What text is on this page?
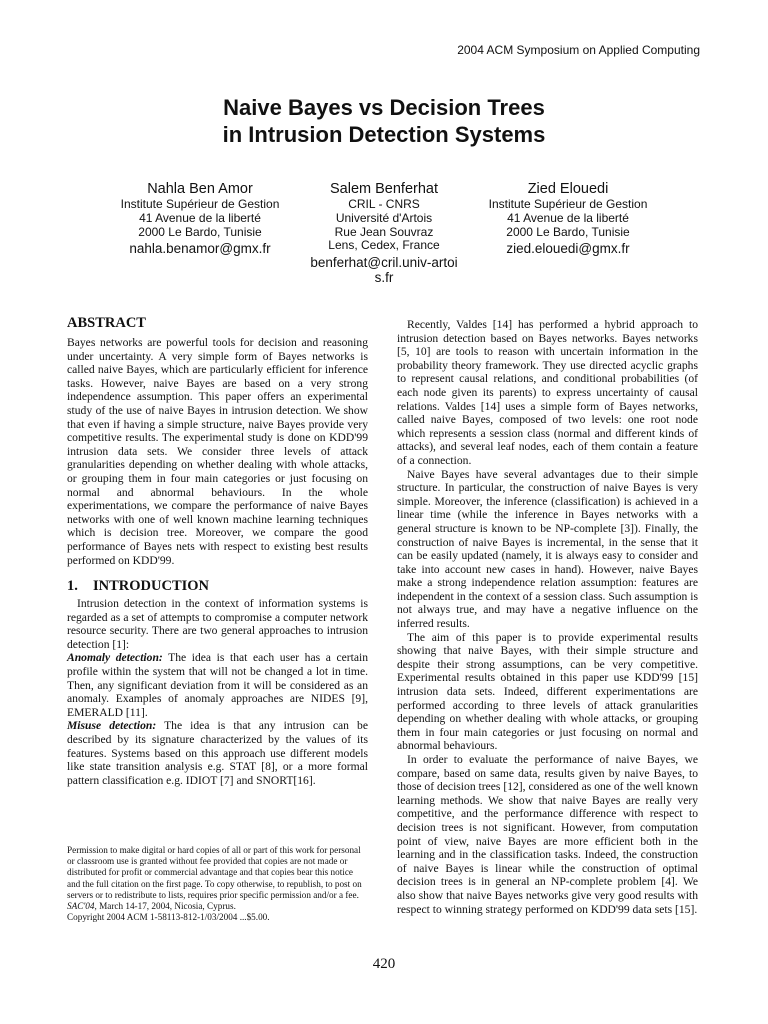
2004 ACM Symposium on Applied Computing
Naive Bayes vs Decision Trees
in Intrusion Detection Systems
Nahla Ben Amor
Institute Supérieur de Gestion
41 Avenue de la liberté
2000 Le Bardo, Tunisie
nahla.benamor@gmx.fr
Salem Benferhat
CRIL - CNRS
Université d'Artois
Rue Jean Souvraz
Lens, Cedex, France
benferhat@cril.univ-artois.fr
Zied Elouedi
Institute Supérieur de Gestion
41 Avenue de la liberté
2000 Le Bardo, Tunisie
zied.elouedi@gmx.fr
ABSTRACT

Bayes networks are powerful tools for decision and reasoning under uncertainty. A very simple form of Bayes networks is called naive Bayes, which are particularly efficient for inference tasks. However, naive Bayes are based on a very strong independence assumption. This paper offers an experimental study of the use of naive Bayes in intrusion detection. We show that even if having a simple structure, naive Bayes provide very competitive results. The experimental study is done on KDD'99 intrusion data sets. We consider three levels of attack granularities depending on whether dealing with whole attacks, or grouping them in four main categories or just focusing on normal and abnormal behaviours. In the whole experimentations, we compare the performance of naive Bayes networks with one of well known machine learning techniques which is decision tree. Moreover, we compare the good performance of Bayes nets with respect to existing best results performed on KDD'99.

1. INTRODUCTION

Intrusion detection in the context of information systems is regarded as a set of attempts to compromise a computer network resource security. There are two general approaches to intrusion detection [1]:

Anomaly detection: The idea is that each user has a certain profile within the system that will not be changed a lot in time. Then, any significant deviation from it will be considered as an anomaly. Examples of anomaly approaches are NIDES [9], EMERALD [11].

Misuse detection: The idea is that any intrusion can be described by its signature characterized by the values of its features. Systems based on this approach use different models like state transition analysis e.g. STAT [8], or a more formal pattern classification e.g. IDIOT [7] and SNORT[16].

Permission to make digital or hard copies of all or part of this work for personal or classroom use is granted without fee provided that copies are not made or distributed for profit or commercial advantage and that copies bear this notice and the full citation on the first page. To copy otherwise, to republish, to post on servers or to redistribute to lists, requires prior specific permission and/or a fee.

SAC'04, March 14-17, 2004, Nicosia, Cyprus.

Copyright 2004 ACM 1-58113-812-1/03/2004 ...$5.00.

Recently, Valdes [14] has performed a hybrid approach to intrusion detection based on Bayes networks. Bayes networks [5, 10] are tools to reason with uncertain information in the probability theory framework. They use directed acyclic graphs to represent causal relations, and conditional probabilities (of each node given its parents) to express uncertainty of causal relations. Valdes [14] uses a simple form of Bayes networks, called naive Bayes, composed of two levels: one root node which represents a session class (normal and different kinds of attacks), and several leaf nodes, each of them contain a feature of a connection.

Naive Bayes have several advantages due to their simple structure. In particular, the construction of naive Bayes is very simple. Moreover, the inference (classification) is achieved in a linear time (while the inference in Bayes networks with a general structure is known to be NP-complete [3]). Finally, the construction of naive Bayes is incremental, in the sense that it can be easily updated (namely, it is always easy to consider and take into account new cases in hand). However, naive Bayes make a strong independence relation assumption: features are independent in the context of a session class. Such assumption is not always true, and may have a negative influence on the inferred results.

The aim of this paper is to provide experimental results showing that naive Bayes, with their simple structure and despite their strong assumptions, can be very competitive. Experimental results obtained in this paper use KDD'99 [15] intrusion data sets. Indeed, different experimentations are performed according to three levels of attack granularities depending on whether dealing with whole attacks, or grouping them in four main categories or just focusing on normal and abnormal behaviours.

In order to evaluate the performance of naive Bayes, we compare, based on same data, results given by naive Bayes, to those of decision trees [12], considered as one of the well known learning methods. We show that naive Bayes are really very competitive, and the performance difference with respect to decision trees is not significant. However, from computation point of view, naive Bayes are more efficient both in the learning and in the classification tasks. Indeed, the construction of naive Bayes is linear while the construction of optimal decision trees is in general an NP-complete problem [4]. We also show that naive Bayes networks give very good results with respect to winning strategy performed on KDD'99 data sets [15].

420
